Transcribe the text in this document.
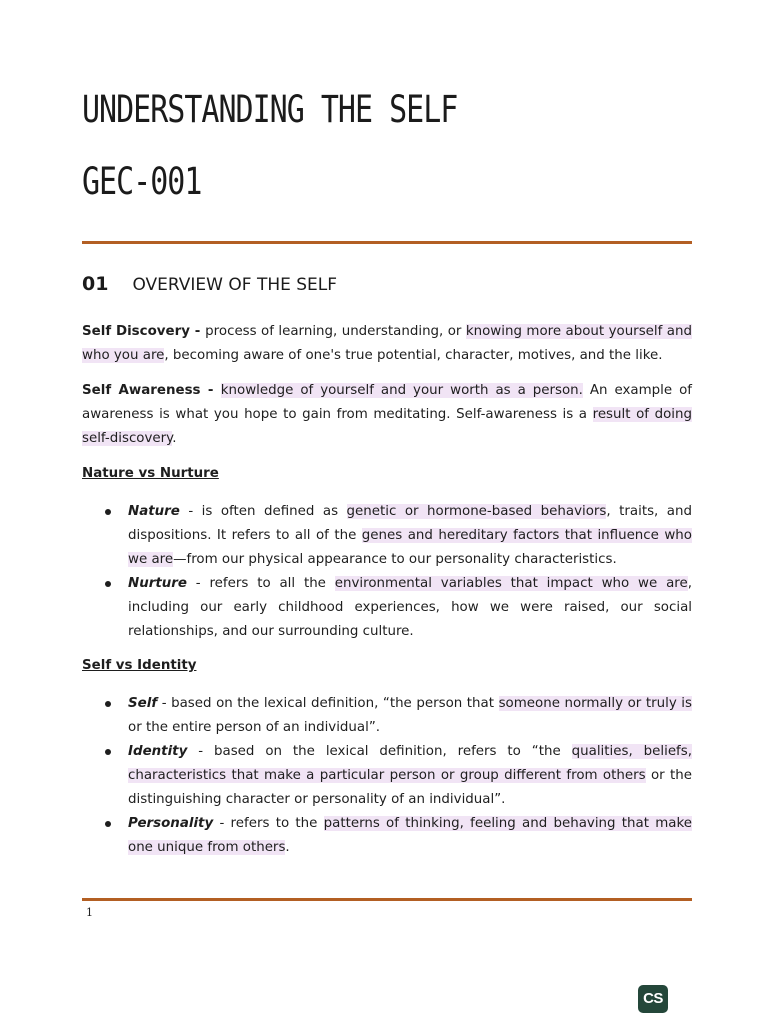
UNDERSTANDING THE SELF
GEC-001
01 OVERVIEW OF THE SELF

Self Discovery - process of learning, understanding, or knowing more about yourself and who you are, becoming aware of one's true potential, character, motives, and the like.

Self Awareness - knowledge of yourself and your worth as a person. An example of awareness is what you hope to gain from meditating. Self-awareness is a result of doing self-discovery.

Nature vs Nurture

Nature - is often defined as genetic or hormone-based behaviors, traits, and dispositions. It refers to all of the genes and hereditary factors that influence who we are—from our physical appearance to our personality characteristics.
Nurture - refers to all the environmental variables that impact who we are, including our early childhood experiences, how we were raised, our social relationships, and our surrounding culture.

Self vs Identity

Self - based on the lexical definition, “the person that someone normally or truly is or the entire person of an individual”.
Identity - based on the lexical definition, refers to “the qualities, beliefs, characteristics that make a particular person or group different from others or the distinguishing character or personality of an individual”.
Personality - refers to the patterns of thinking, feeling and behaving that make one unique from others.
1
CS
